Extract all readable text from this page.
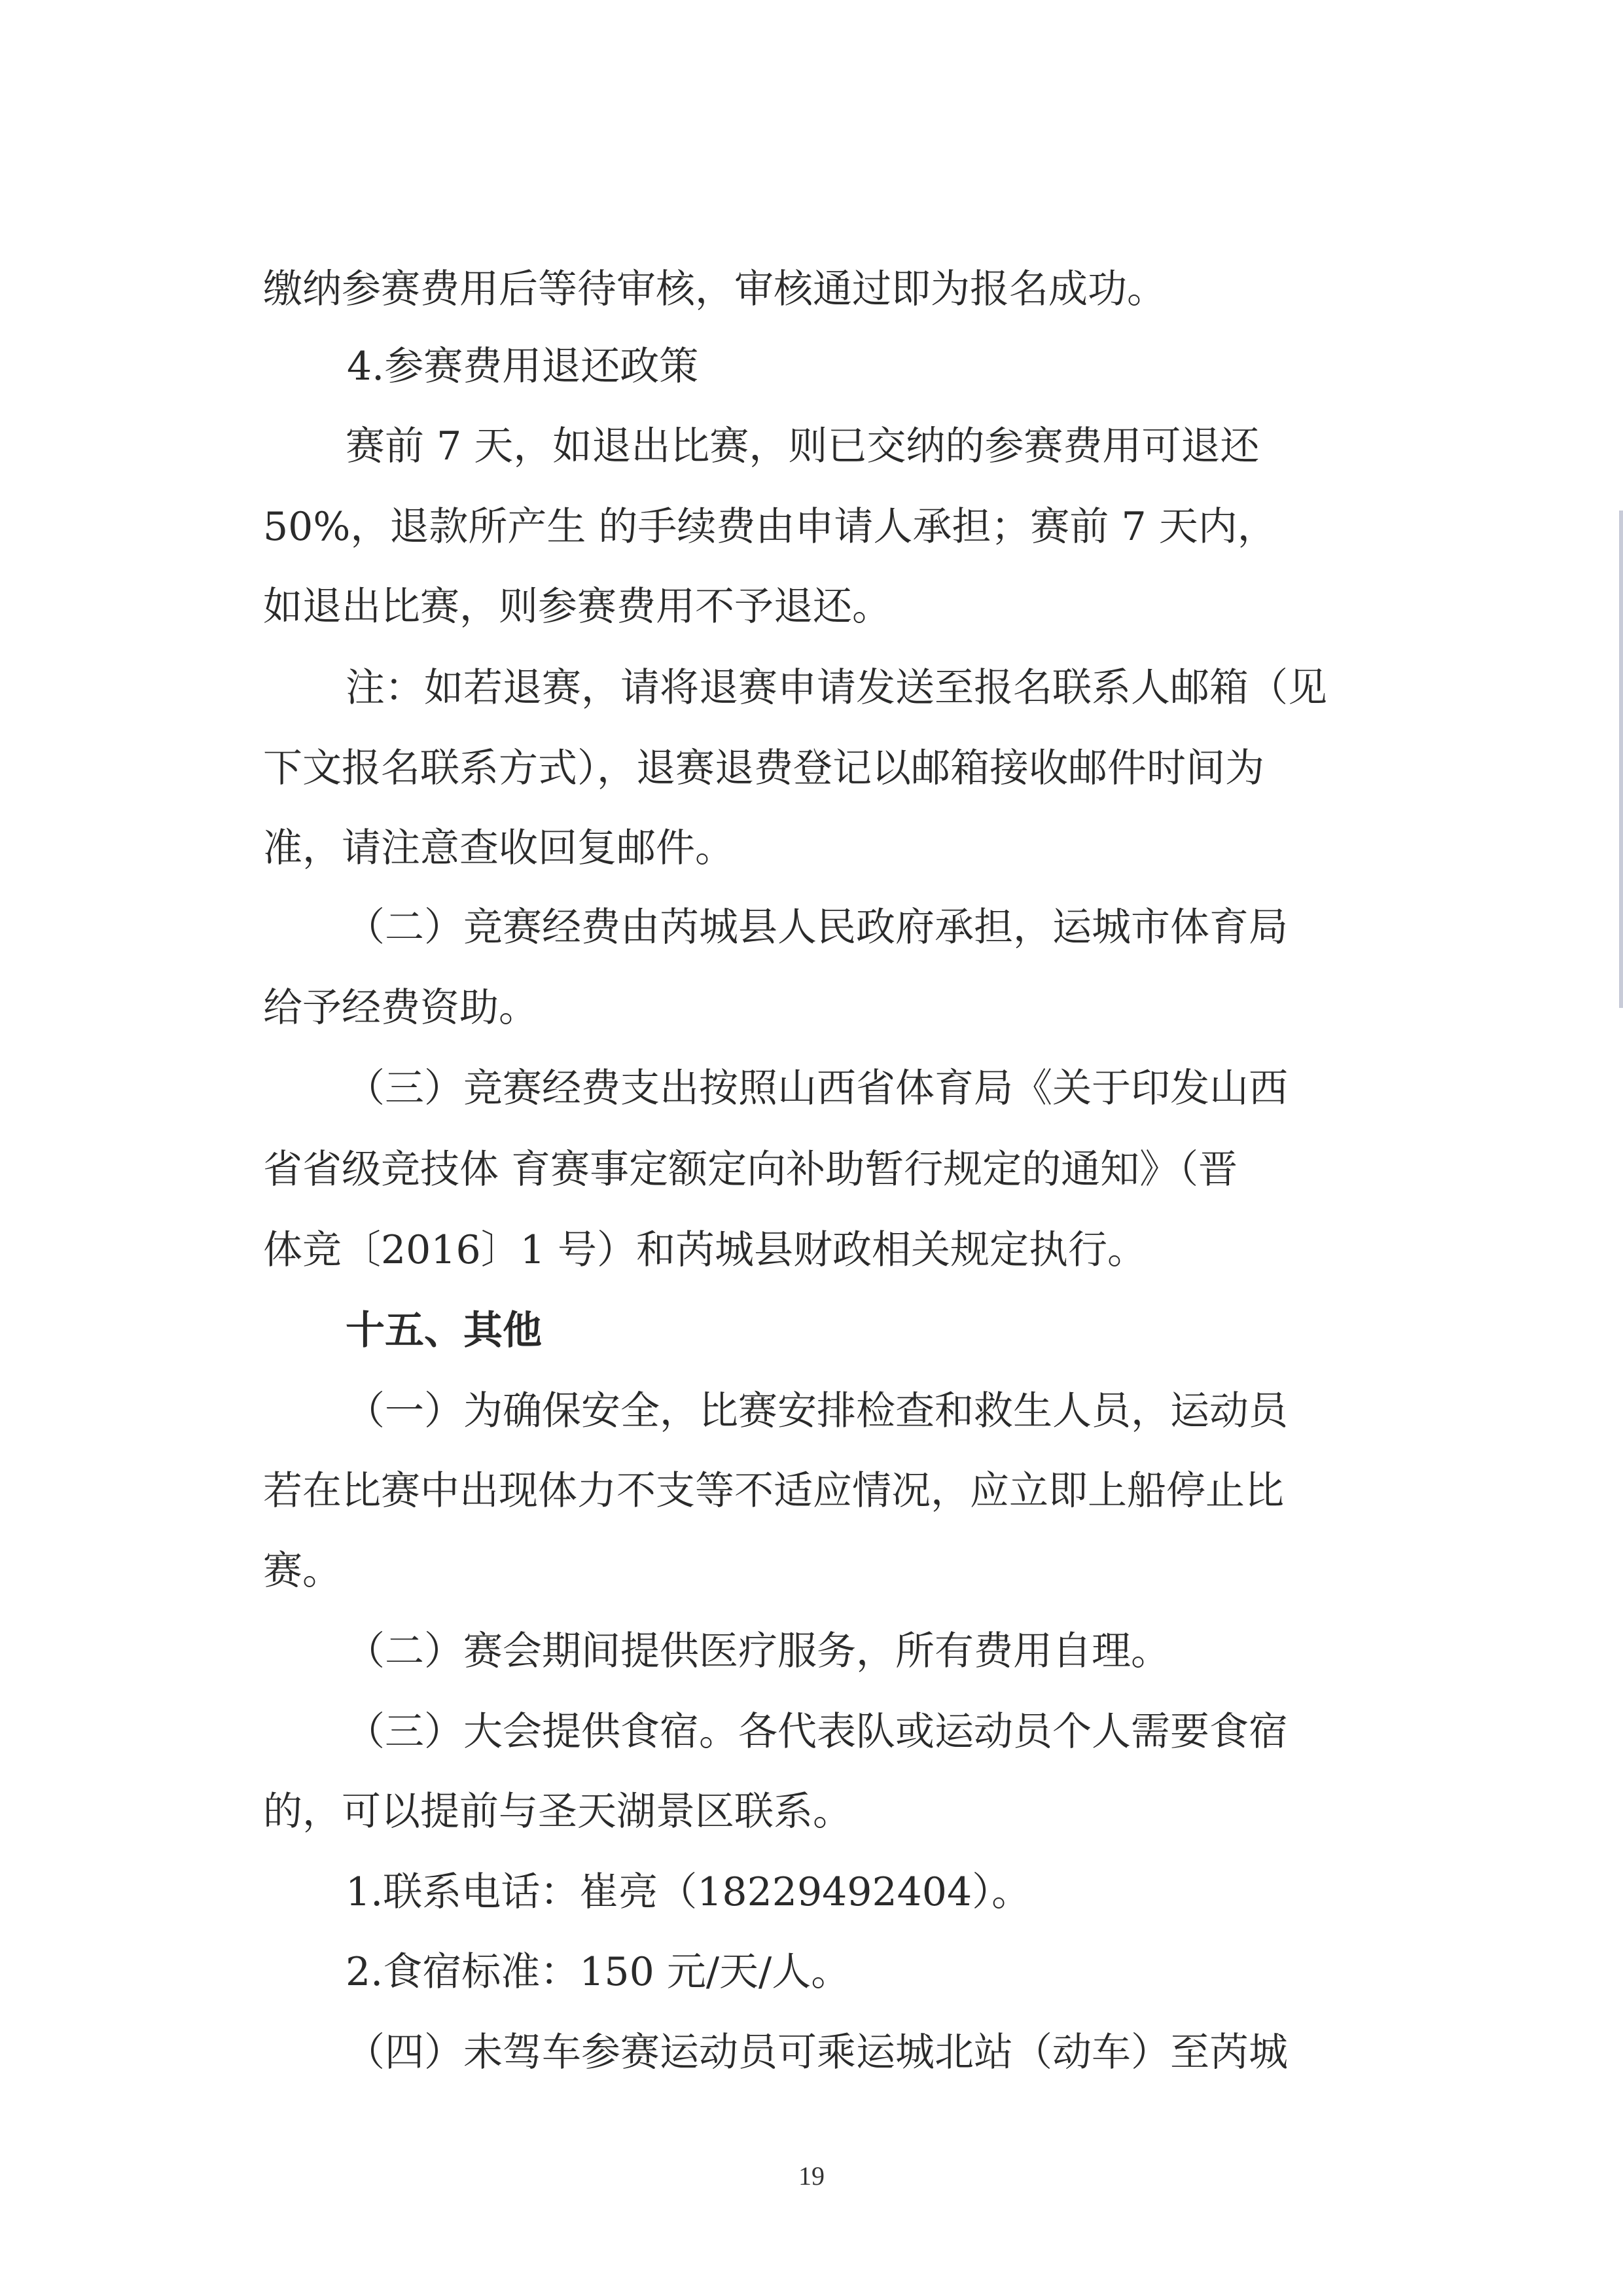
缴纳参赛费用后等待审核，审核通过即为报名成功。
4.参赛费用退还政策
赛前 7 天，如退出比赛，则已交纳的参赛费用可退还
50%，退款所产生 的手续费由申请人承担；赛前 7 天内，
如退出比赛，则参赛费用不予退还。
注：如若退赛，请将退赛申请发送至报名联系人邮箱（见
下文报名联系方式），退赛退费登记以邮箱接收邮件时间为
准，请注意查收回复邮件。
（二）竞赛经费由芮城县人民政府承担，运城市体育局
给予经费资助。
（三）竞赛经费支出按照山西省体育局《关于印发山西
省省级竞技体 育赛事定额定向补助暂行规定的通知》（晋
体竞〔2016〕1 号）和芮城县财政相关规定执行。
十五、其他
（一）为确保安全，比赛安排检查和救生人员，运动员
若在比赛中出现体力不支等不适应情况，应立即上船停止比
赛。
（二）赛会期间提供医疗服务，所有费用自理。
（三）大会提供食宿。各代表队或运动员个人需要食宿
的，可以提前与圣天湖景区联系。
1.联系电话：崔亮（18229492404）。
2.食宿标准：150 元/天/人。
（四）未驾车参赛运动员可乘运城北站（动车）至芮城
19
